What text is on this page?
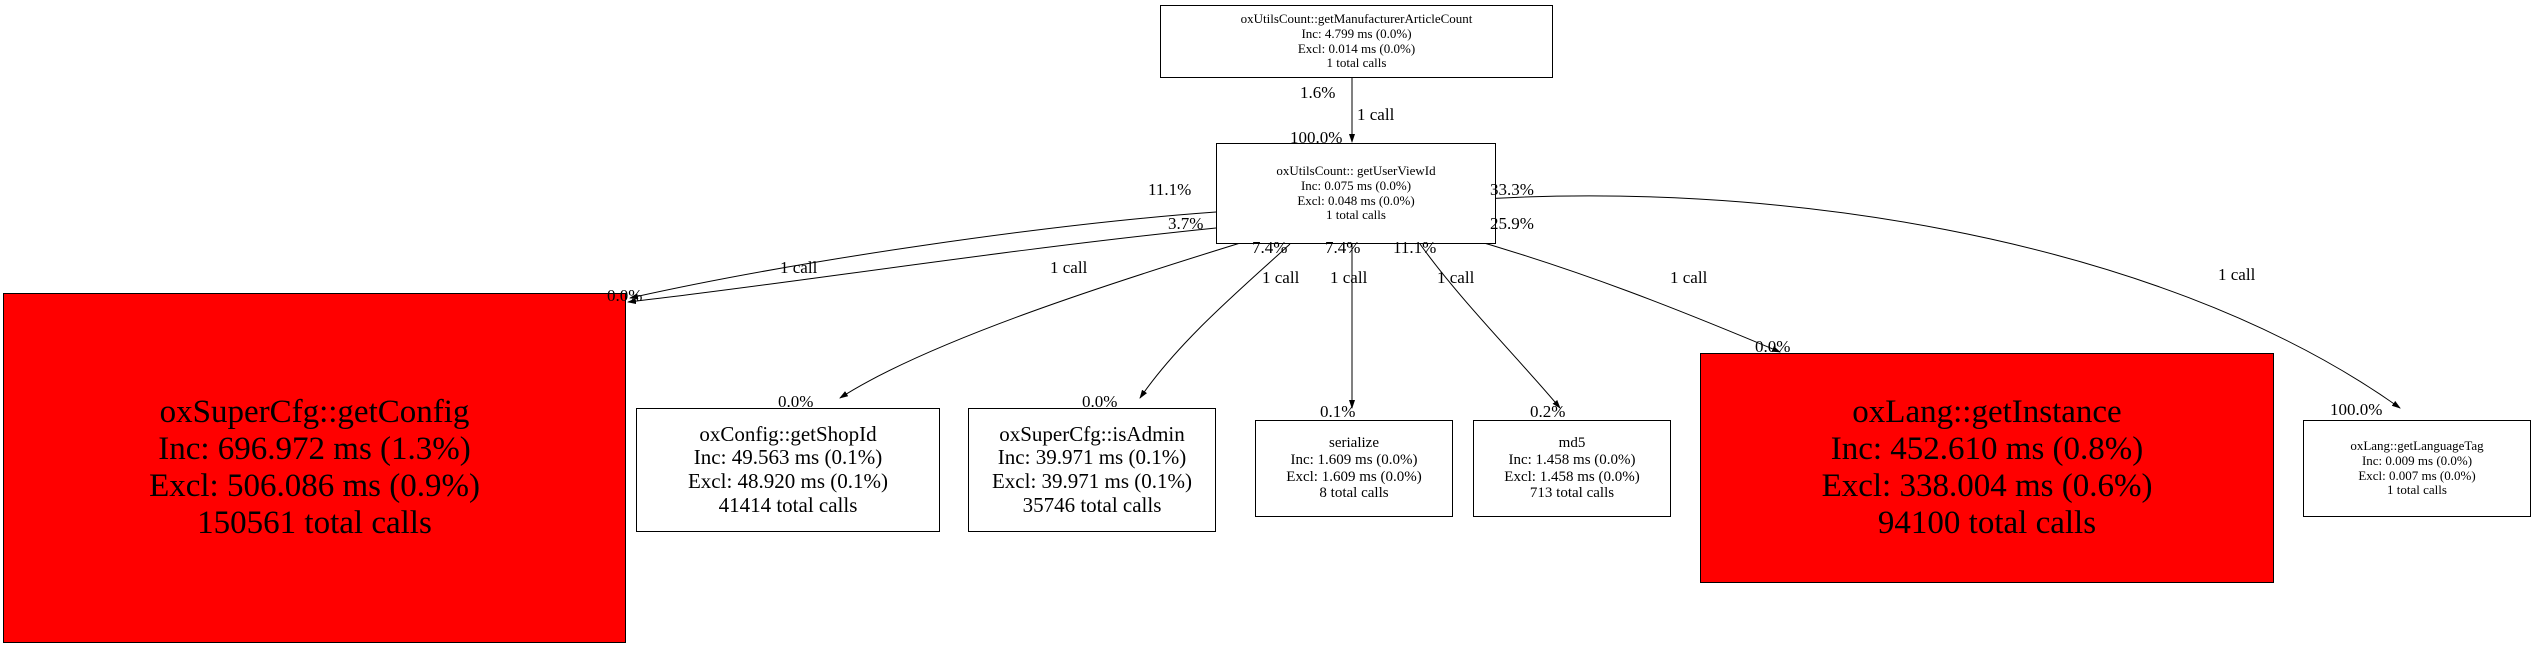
oxUtilsCount::getManufacturerArticleCount
Inc: 4.799 ms (0.0%)
Excl: 0.014 ms (0.0%)
1 total calls
oxUtilsCount:: getUserViewId
Inc: 0.075 ms (0.0%)
Excl: 0.048 ms (0.0%)
1 total calls
oxSuperCfg::getConfig
Inc: 696.972 ms (1.3%)
Excl: 506.086 ms (0.9%)
150561 total calls
oxConfig::getShopId
Inc: 49.563 ms (0.1%)
Excl: 48.920 ms (0.1%)
41414 total calls
oxSuperCfg::isAdmin
Inc: 39.971 ms (0.1%)
Excl: 39.971 ms (0.1%)
35746 total calls
serialize
Inc: 1.609 ms (0.0%)
Excl: 1.609 ms (0.0%)
8 total calls
md5
Inc: 1.458 ms (0.0%)
Excl: 1.458 ms (0.0%)
713 total calls
oxLang::getInstance
Inc: 452.610 ms (0.8%)
Excl: 338.004 ms (0.6%)
94100 total calls
oxLang::getLanguageTag
Inc: 0.009 ms (0.0%)
Excl: 0.007 ms (0.0%)
1 total calls
1.6%
1 call
100.0%
11.1%
3.7%
33.3%
25.9%
0.0%
1 call	1 call
7.4% 7.4% 11.1%
1 call 1 call	1 call	1 call	1 call
0.0%	0.0%
0.1%	0.2%
0.0%
100.0%
